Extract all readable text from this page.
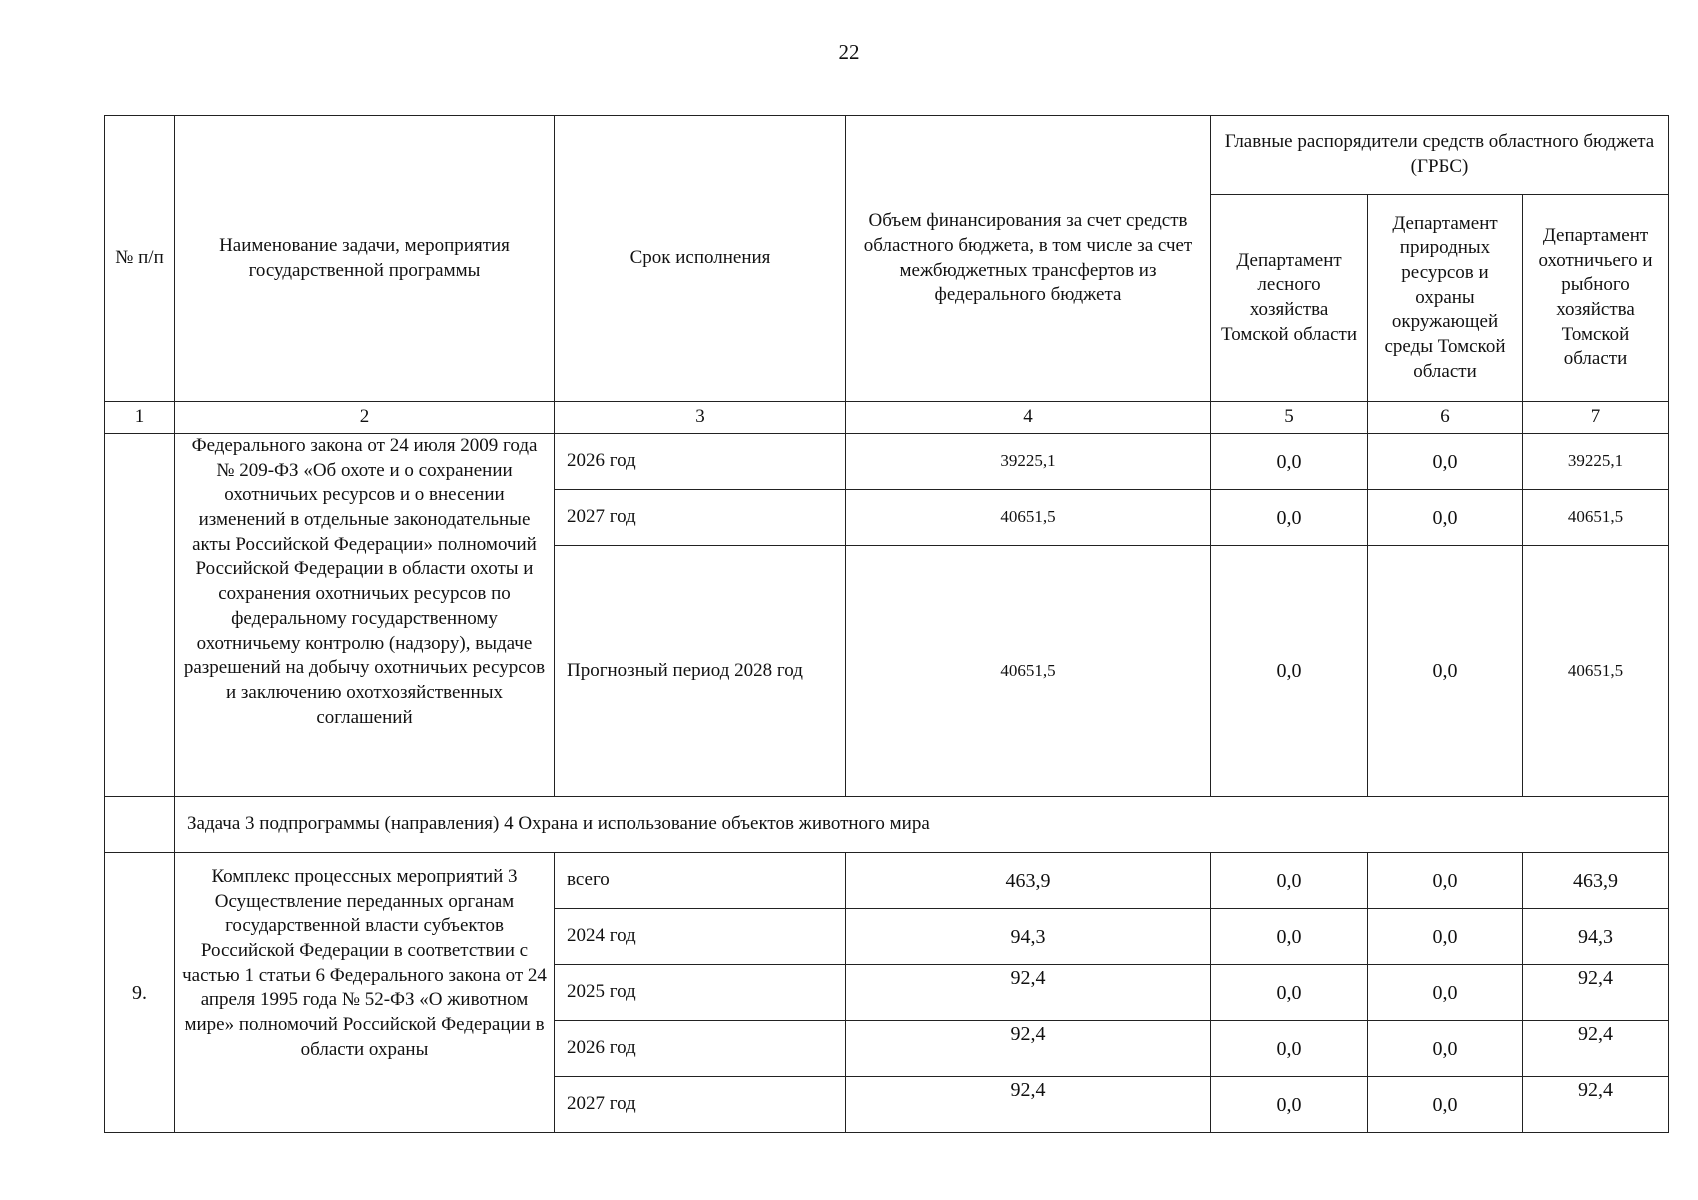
22
№ п/п	Наименование задачи, мероприятия государственной программы	Срок исполнения	Объем финансирования за счет средств областного бюджета, в том числе за счет межбюджетных трансфертов из федерального бюджета	Главные распорядители средств областного бюджета (ГРБС)		
				Департамент лесного хозяйства Томской области	Департамент природных ресурсов и охраны окружающей среды Томской области	Департамент охотничьего и рыбного хозяйства Томской области
1	2	3	4	5	6	7
	Федерального закона от 24 июля 2009 года № 209-ФЗ «Об охоте и о сохранении охотничьих ресурсов и о внесении изменений в отдельные законодательные акты Российской Федерации» полномочий Российской Федерации в области охоты и сохранения охотничьих ресурсов по федеральному государственному охотничьему контролю (надзору), выдаче разрешений на добычу охотничьих ресурсов и заключению охотхозяйственных соглашений	2026 год	39225,1	0,0	0,0	39225,1
		2027 год	40651,5	0,0	0,0	40651,5
		Прогнозный период 2028 год	40651,5	0,0	0,0	40651,5
	Задача 3 подпрограммы (направления) 4 Охрана и использование объектов животного мира					
9.	Комплекс процессных мероприятий 3 Осуществление переданных органам государственной власти субъектов Российской Федерации в соответствии с частью 1 статьи 6 Федерального закона от 24 апреля 1995 года № 52-ФЗ «О животном мире» полномочий Российской Федерации в области охраны	всего	463,9	0,0	0,0	463,9
		2024 год	94,3	0,0	0,0	94,3
		2025 год	92,4	0,0	0,0	92,4
		2026 год	92,4	0,0	0,0	92,4
		2027 год	92,4	0,0	0,0	92,4
